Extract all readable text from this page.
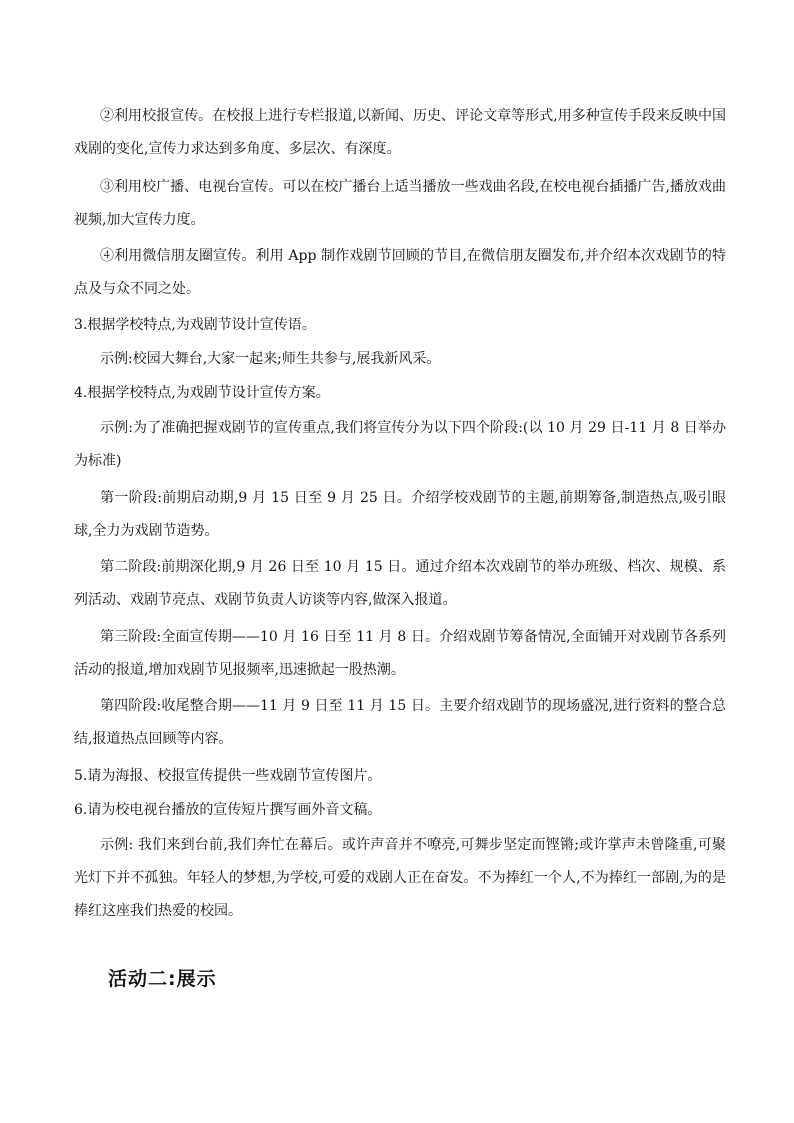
②利用校报宣传。在校报上进行专栏报道,以新闻、历史、评论文章等形式,用多种宣传手段来反映中国戏剧的变化,宣传力求达到多角度、多层次、有深度。

③利用校广播、电视台宣传。可以在校广播台上适当播放一些戏曲名段,在校电视台插播广告,播放戏曲视频,加大宣传力度。

④利用微信朋友圈宣传。利用 App 制作戏剧节回顾的节目,在微信朋友圈发布,并介绍本次戏剧节的特点及与众不同之处。

3.根据学校特点,为戏剧节设计宣传语。

示例:校园大舞台,大家一起来;师生共参与,展我新风采。

4.根据学校特点,为戏剧节设计宣传方案。

示例:为了准确把握戏剧节的宣传重点,我们将宣传分为以下四个阶段:(以 10 月 29 日-11 月 8 日举办为标准)

第一阶段:前期启动期,9 月 15 日至 9 月 25 日。介绍学校戏剧节的主题,前期筹备,制造热点,吸引眼球,全力为戏剧节造势。

第二阶段:前期深化期,9 月 26 日至 10 月 15 日。通过介绍本次戏剧节的举办班级、档次、规模、系列活动、戏剧节亮点、戏剧节负责人访谈等内容,做深入报道。

第三阶段:全面宣传期——10 月 16 日至 11 月 8 日。介绍戏剧节筹备情况,全面铺开对戏剧节各系列活动的报道,增加戏剧节见报频率,迅速掀起一股热潮。

第四阶段:收尾整合期——11 月 9 日至 11 月 15 日。主要介绍戏剧节的现场盛况,进行资料的整合总结,报道热点回顾等内容。

5.请为海报、校报宣传提供一些戏剧节宣传图片。

6.请为校电视台播放的宣传短片撰写画外音文稿。

示例: 我们来到台前,我们奔忙在幕后。或许声音并不嘹亮,可舞步坚定而铿锵;或许掌声未曾隆重,可聚光灯下并不孤独。年轻人的梦想,为学校,可爱的戏剧人正在奋发。不为捧红一个人,不为捧红一部剧,为的是捧红这座我们热爱的校园。

活动二:展示
